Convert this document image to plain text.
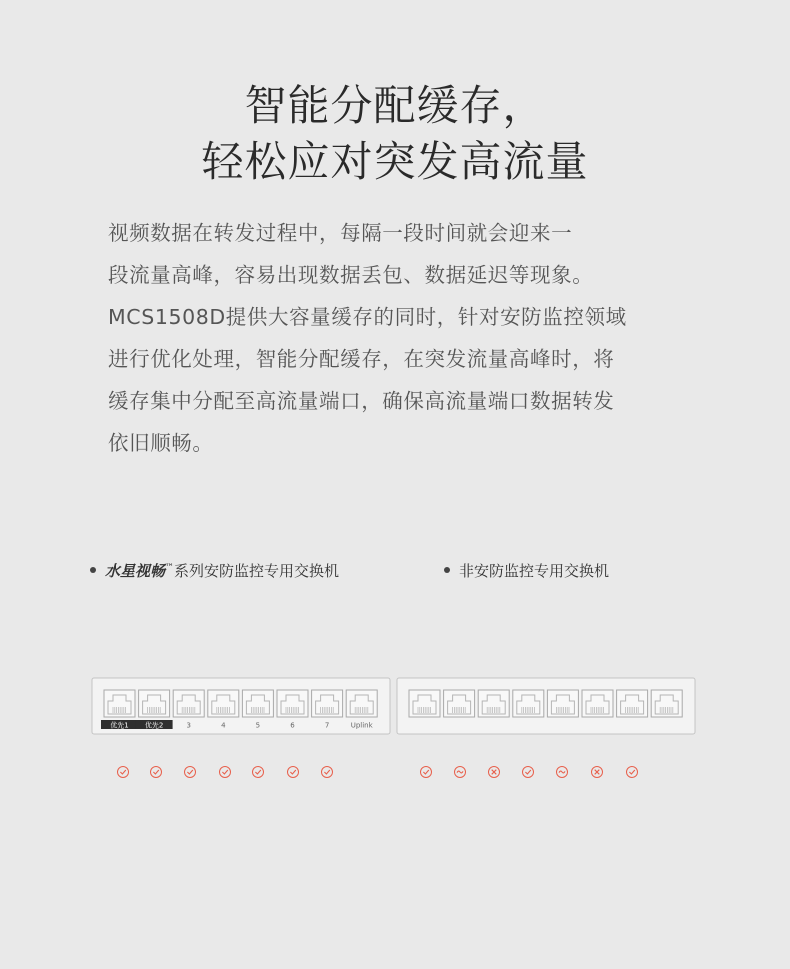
智能分配缓存，
轻松应对突发高流量
视频数据在转发过程中，每隔一段时间就会迎来一
段流量高峰，容易出现数据丢包、数据延迟等现象。
MCS1508D提供大容量缓存的同时，针对安防监控领域
进行优化处理，智能分配缓存，在突发流量高峰时，将
缓存集中分配至高流量端口，确保高流量端口数据转发
依旧顺畅。
水星视畅™系列安防监控专用交换机	非安防监控专用交换机
优先1 优先2	3	4	5	6	7	Uplink
